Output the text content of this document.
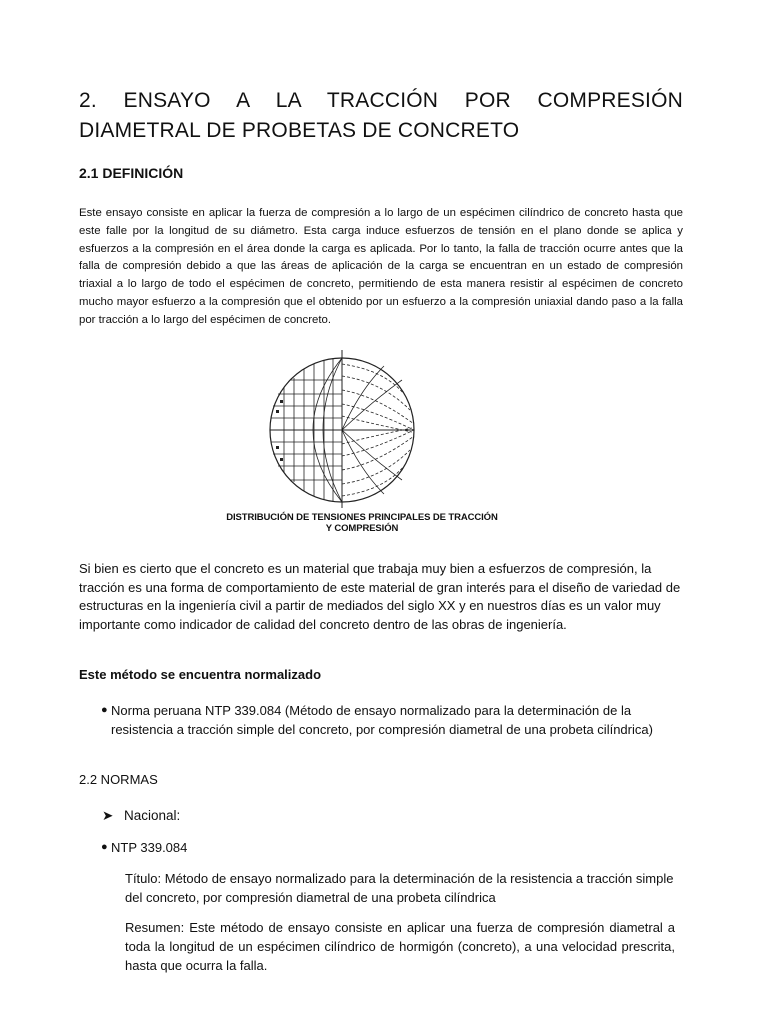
2. ENSAYO A LA TRACCIÓN POR COMPRESIÓN DIAMETRAL DE PROBETAS DE CONCRETO
2.1 DEFINICIÓN

Este ensayo consiste en aplicar la fuerza de compresión a lo largo de un espécimen cilíndrico de concreto hasta que este falle por la longitud de su diámetro. Esta carga induce esfuerzos de tensión en el plano donde se aplica y esfuerzos a la compresión en el área donde la carga es aplicada. Por lo tanto, la falla de tracción ocurre antes que la falla de compresión debido a que las áreas de aplicación de la carga se encuentran en un estado de compresión triaxial a lo largo de todo el espécimen de concreto, permitiendo de esta manera resistir al espécimen de concreto mucho mayor esfuerzo a la compresión que el obtenido por un esfuerzo a la compresión uniaxial dando paso a la falla por tracción a lo largo del espécimen de concreto.

DISTRIBUCIÓN DE TENSIONES PRINCIPALES DE TRACCIÓN
Y COMPRESIÓN

Si bien es cierto que el concreto es un material que trabaja muy bien a esfuerzos de compresión, la tracción es una forma de comportamiento de este material de gran interés para el diseño de variedad de estructuras en la ingeniería civil a partir de mediados del siglo XX y en nuestros días es un valor muy importante como indicador de calidad del concreto dentro de las obras de ingeniería.

Este método se encuentra normalizado

● Norma peruana NTP 339.084 (Método de ensayo normalizado para la determinación de la resistencia a tracción simple del concreto, por compresión diametral de una probeta cilíndrica)

2.2 NORMAS

➤ Nacional:
● NTP 339.084

Título: Método de ensayo normalizado para la determinación de la resistencia a tracción simple del concreto, por compresión diametral de una probeta cilíndrica

Resumen: Este método de ensayo consiste en aplicar una fuerza de compresión diametral a toda la longitud de un espécimen cilíndrico de hormigón (concreto), a una velocidad prescrita, hasta que ocurra la falla.
